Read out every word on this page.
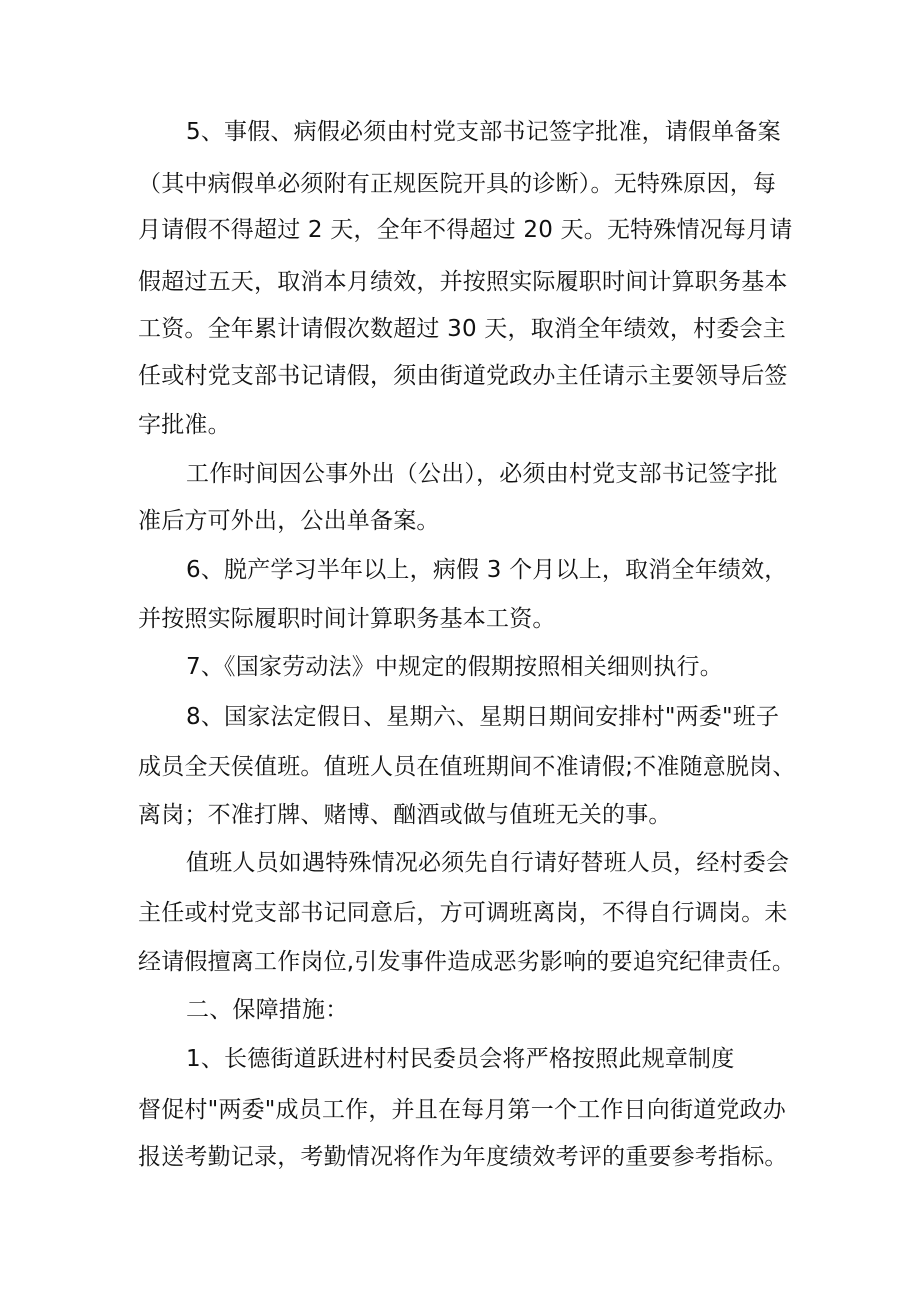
5、事假、病假必须由村党支部书记签字批准，请假单备案
（其中病假单必须附有正规医院开具的诊断）。无特殊原因，每
月请假不得超过 2 天，全年不得超过 20 天。无特殊情况每月请
假超过五天，取消本月绩效，并按照实际履职时间计算职务基本
工资。全年累计请假次数超过 30 天，取消全年绩效，村委会主
任或村党支部书记请假，须由街道党政办主任请示主要领导后签
字批准。
工作时间因公事外出（公出），必须由村党支部书记签字批
准后方可外出，公出单备案。
6、脱产学习半年以上，病假 3 个月以上，取消全年绩效，
并按照实际履职时间计算职务基本工资。
7、《国家劳动法》中规定的假期按照相关细则执行。
8、国家法定假日、星期六、星期日期间安排村"两委"班子
成员全天侯值班。值班人员在值班期间不准请假;不准随意脱岗、
离岗；不准打牌、赌博、酗酒或做与值班无关的事。
值班人员如遇特殊情况必须先自行请好替班人员，经村委会
主任或村党支部书记同意后，方可调班离岗，不得自行调岗。未
经请假擅离工作岗位,引发事件造成恶劣影响的要追究纪律责任。
二、保障措施：
1、长德街道跃进村村民委员会将严格按照此规章制度
督促村"两委"成员工作，并且在每月第一个工作日向街道党政办
报送考勤记录，考勤情况将作为年度绩效考评的重要参考指标。
